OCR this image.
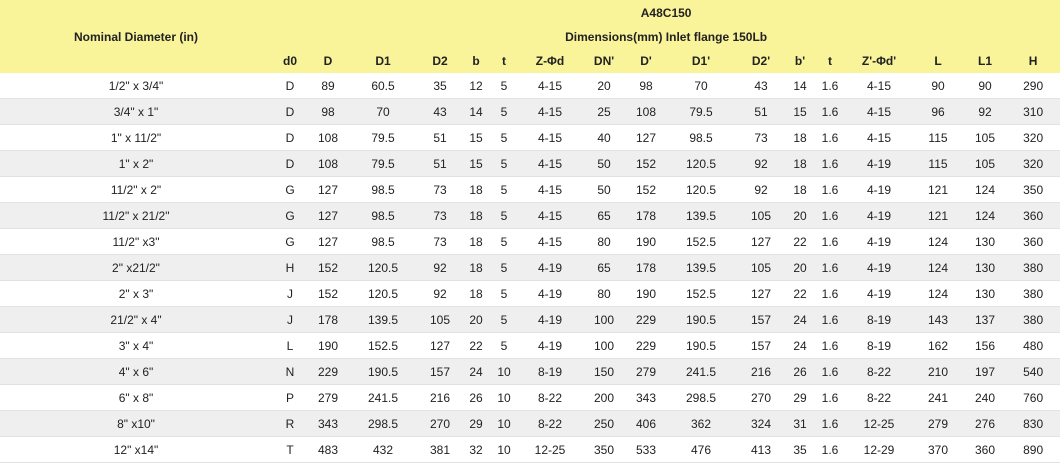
Nominal Diameter (in)	A48C150																
	Dimensions(mm) Inlet flange 150Lb																
	d0	D	D1	D2	b	t	Z-Φd	DN'	D'	D1'	D2'	b'	t	Z'-Φd'	L	L1	H
1/2" x 3/4"	D	89	60.5	35	12	5	4-15	20	98	70	43	14	1.6	4-15	90	90	290
3/4" x 1"	D	98	70	43	14	5	4-15	25	108	79.5	51	15	1.6	4-15	96	92	310
1" x 11/2"	D	108	79.5	51	15	5	4-15	40	127	98.5	73	18	1.6	4-15	115	105	320
1" x 2"	D	108	79.5	51	15	5	4-15	50	152	120.5	92	18	1.6	4-19	115	105	320
11/2" x 2"	G	127	98.5	73	18	5	4-15	50	152	120.5	92	18	1.6	4-19	121	124	350
11/2" x 21/2"	G	127	98.5	73	18	5	4-15	65	178	139.5	105	20	1.6	4-19	121	124	360
11/2" x3"	G	127	98.5	73	18	5	4-15	80	190	152.5	127	22	1.6	4-19	124	130	360
2" x21/2"	H	152	120.5	92	18	5	4-19	65	178	139.5	105	20	1.6	4-19	124	130	380
2" x 3"	J	152	120.5	92	18	5	4-19	80	190	152.5	127	22	1.6	4-19	124	130	380
21/2" x 4"	J	178	139.5	105	20	5	4-19	100	229	190.5	157	24	1.6	8-19	143	137	380
3" x 4"	L	190	152.5	127	22	5	4-19	100	229	190.5	157	24	1.6	8-19	162	156	480
4" x 6"	N	229	190.5	157	24	10	8-19	150	279	241.5	216	26	1.6	8-22	210	197	540
6" x 8"	P	279	241.5	216	26	10	8-22	200	343	298.5	270	29	1.6	8-22	241	240	760
8" x10"	R	343	298.5	270	29	10	8-22	250	406	362	324	31	1.6	12-25	279	276	830
12" x14"	T	483	432	381	32	10	12-25	350	533	476	413	35	1.6	12-29	370	360	890
